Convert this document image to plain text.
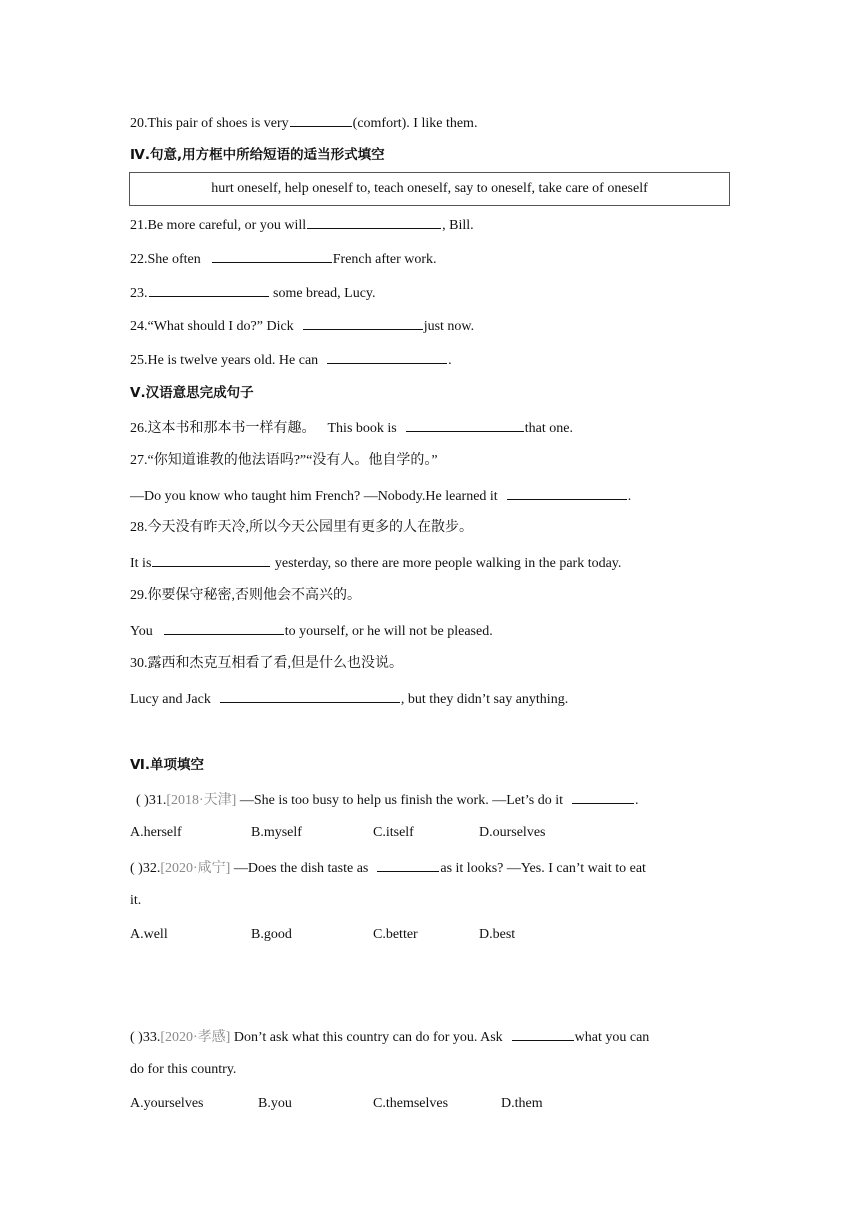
20.This pair of shoes is very	(comfort). I like them.
Ⅳ.句意,用方框中所给短语的适当形式填空
hurt oneself, help oneself to, teach oneself, say to oneself, take care of oneself
21.Be more careful, or you will	, Bill.
22.She often	French after work.
23.	some bread, Lucy.
24.“What should I do?” Dick	just now.
25.He is twelve years old. He can	.
Ⅴ.汉语意思完成句子
26.这本书和那本书一样有趣。 This book is	that one.
27.“你知道谁教的他法语吗?”“没有人。他自学的。”
—Do you know who taught him French? —Nobody.He learned it	.
28.今天没有昨天冷,所以今天公园里有更多的人在散步。
It is	yesterday, so there are more people walking in the park today.
29.你要保守秘密,否则他会不高兴的。
You	to yourself, or he will not be pleased.
30.露西和杰克互相看了看,但是什么也没说。
Lucy and Jack	, but they didn’t say anything.
Ⅵ.单项填空
( )31.[2018·天津] —She is too busy to help us finish the work. —Let’s do it	.
A.herself	B.myself	C.itself	D.ourselves
( )32.[2020·咸宁] —Does the dish taste as	as it looks? —Yes. I can’t wait to eat
it.
A.well	B.good	C.better	D.best
( )33.[2020·孝感] Don’t ask what this country can do for you. Ask	what you can
do for this country.
A.yourselves	B.you	C.themselves	D.them
